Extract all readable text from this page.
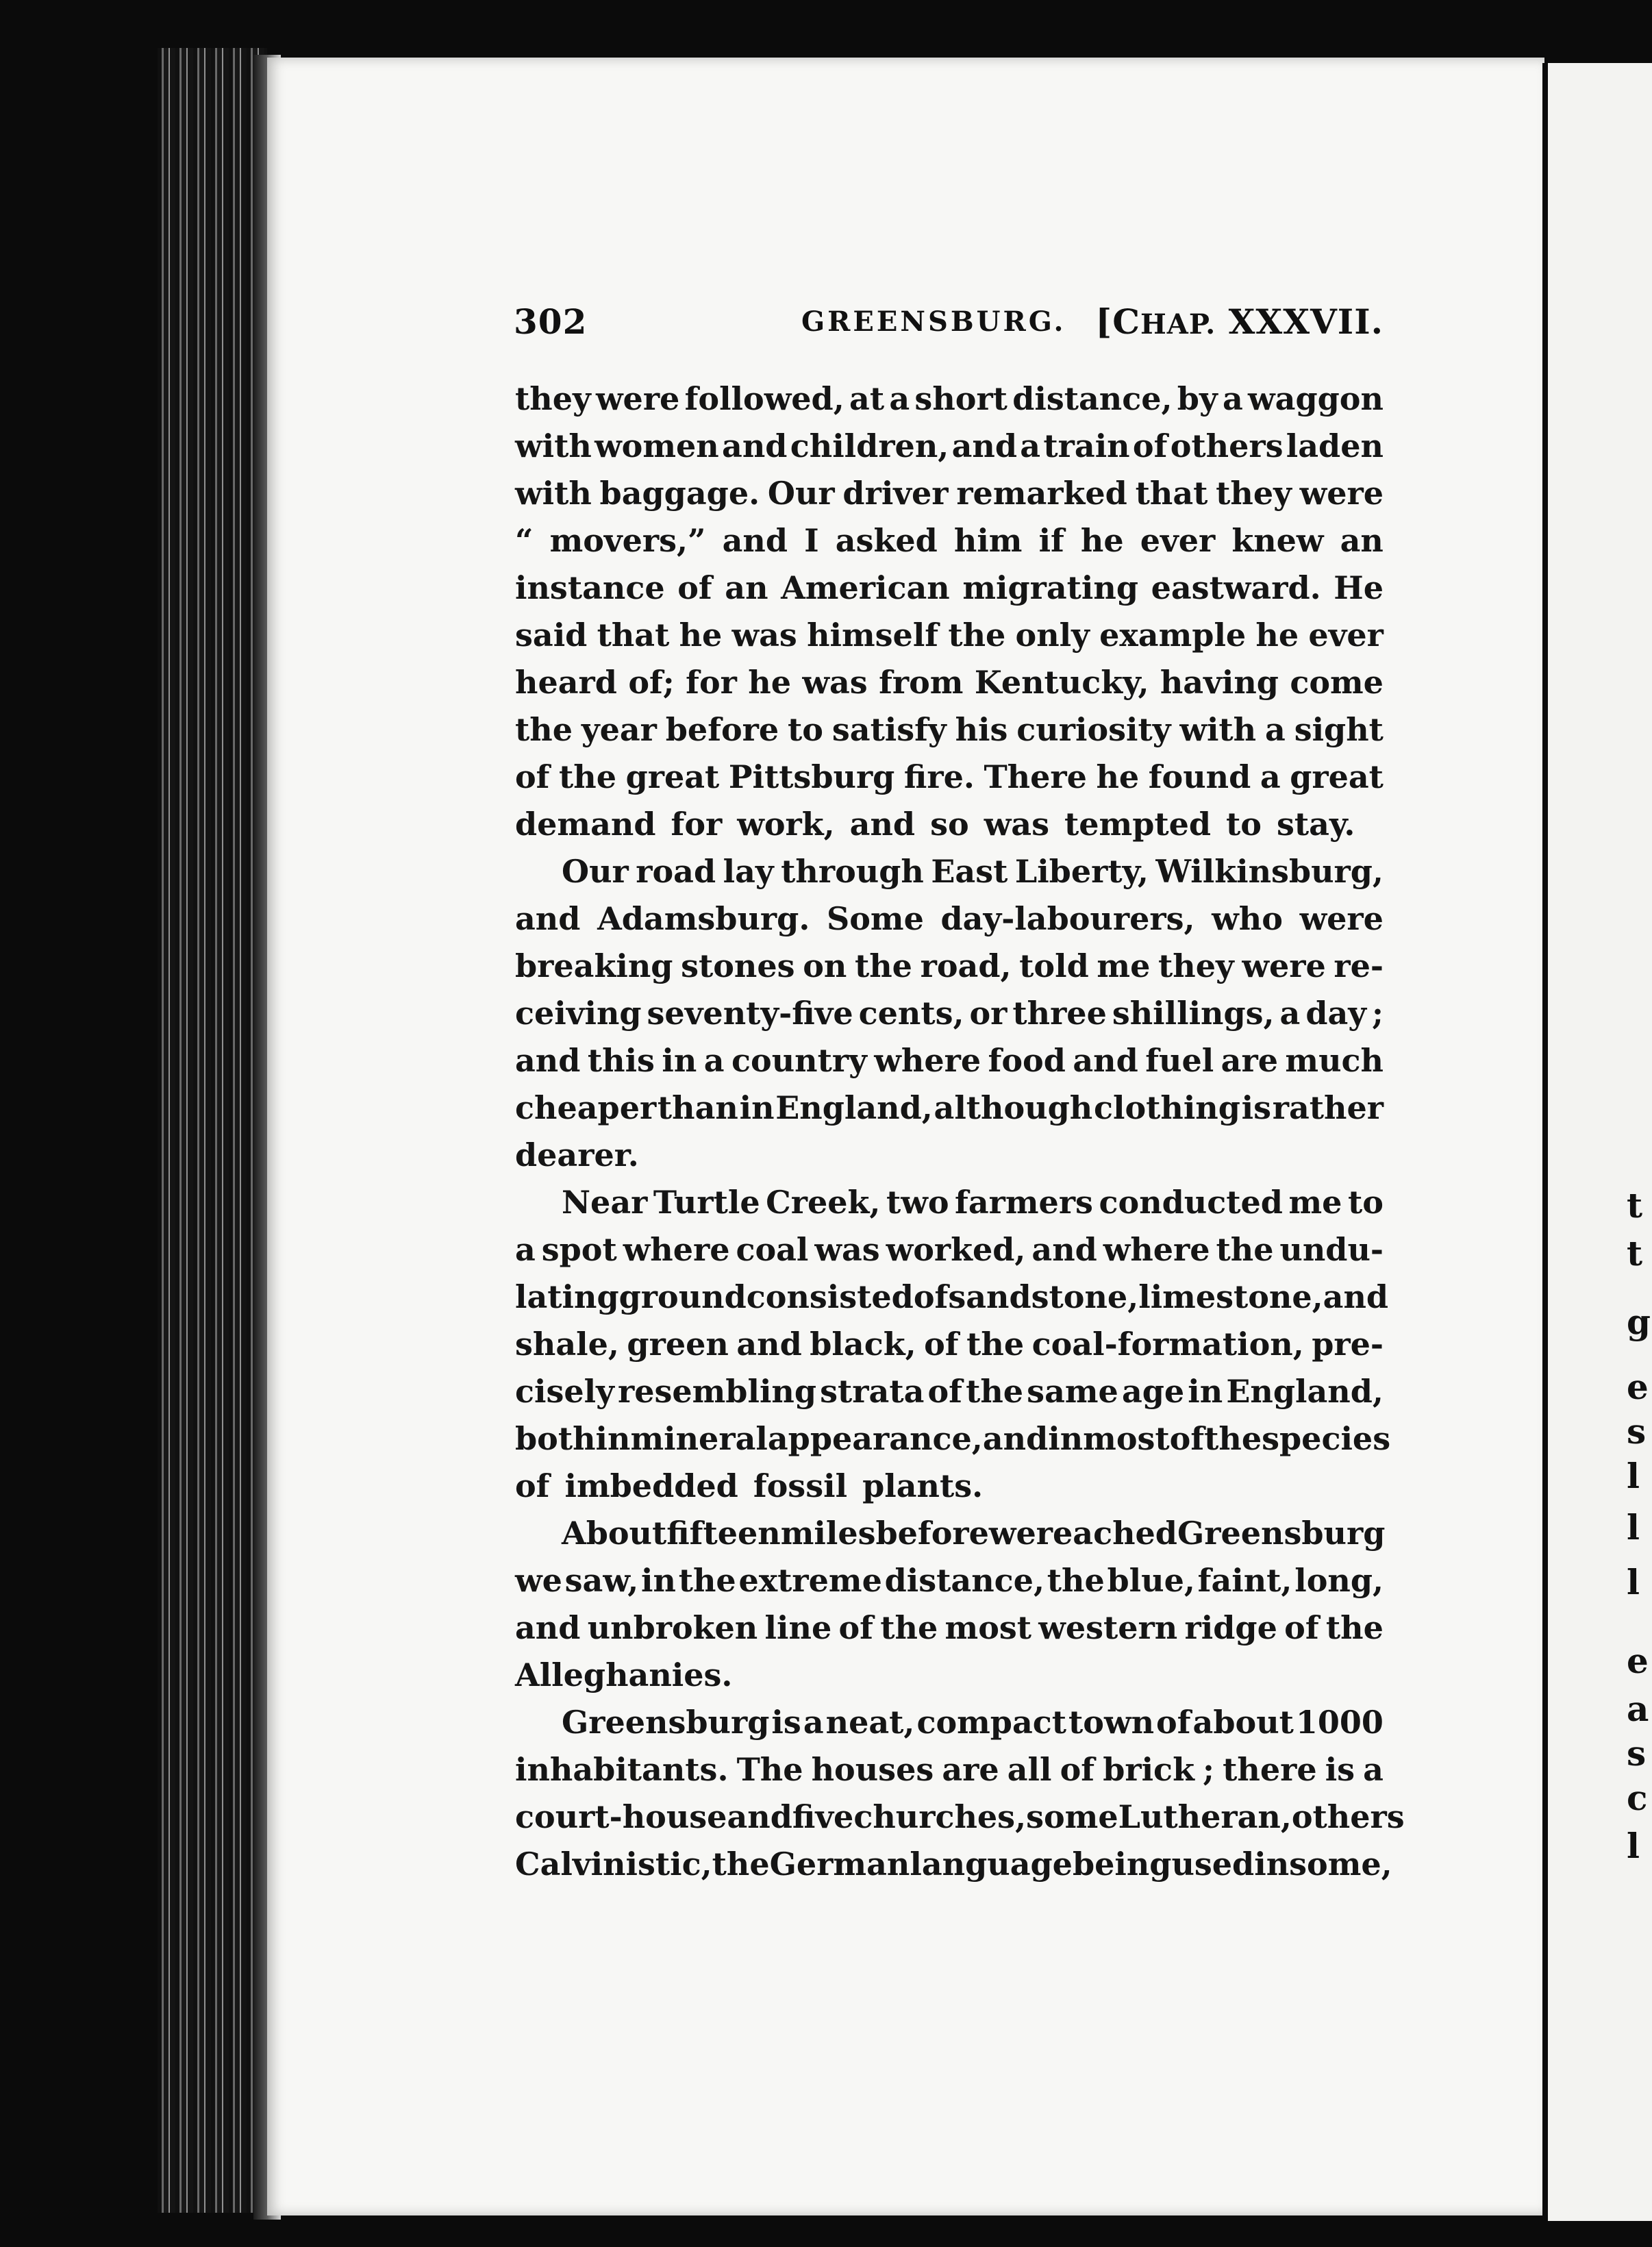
t
t
g
e
s
l
l
l
e
a
s
c
l
302	GREENSBURG. [CHAP. XXXVII.
they were followed, at a short distance, by a waggon
with women and children, and a train of others laden
with baggage. Our driver remarked that they were
“ movers,” and I asked him if he ever knew an
instance of an American migrating eastward. He
said that he was himself the only example he ever
heard of; for he was from Kentucky, having come
the year before to satisfy his curiosity with a sight
of the great Pittsburg fire. There he found a great
demand for work, and so was tempted to stay.
Our road lay through East Liberty, Wilkinsburg,
and Adamsburg. Some day-labourers, who were
breaking stones on the road, told me they were re-
ceiving seventy-five cents, or three shillings, a day ;
and this in a country where food and fuel are much
cheaper than in England, although clothing is rather
dearer.
Near Turtle Creek, two farmers conducted me to
a spot where coal was worked, and where the undu-
lating ground consisted of sandstone, limestone, and
shale, green and black, of the coal-formation, pre-
cisely resembling strata of the same age in England,
both in mineral appearance, and in most of the species
of imbedded fossil plants.
About fifteen miles before we reached Greensburg
we saw, in the extreme distance, the blue, faint, long,
and unbroken line of the most western ridge of the
Alleghanies.
Greensburg is a neat, compact town of about 1000
inhabitants. The houses are all of brick ; there is a
court-house and five churches, some Lutheran, others
Calvinistic, the German language being used in some,
